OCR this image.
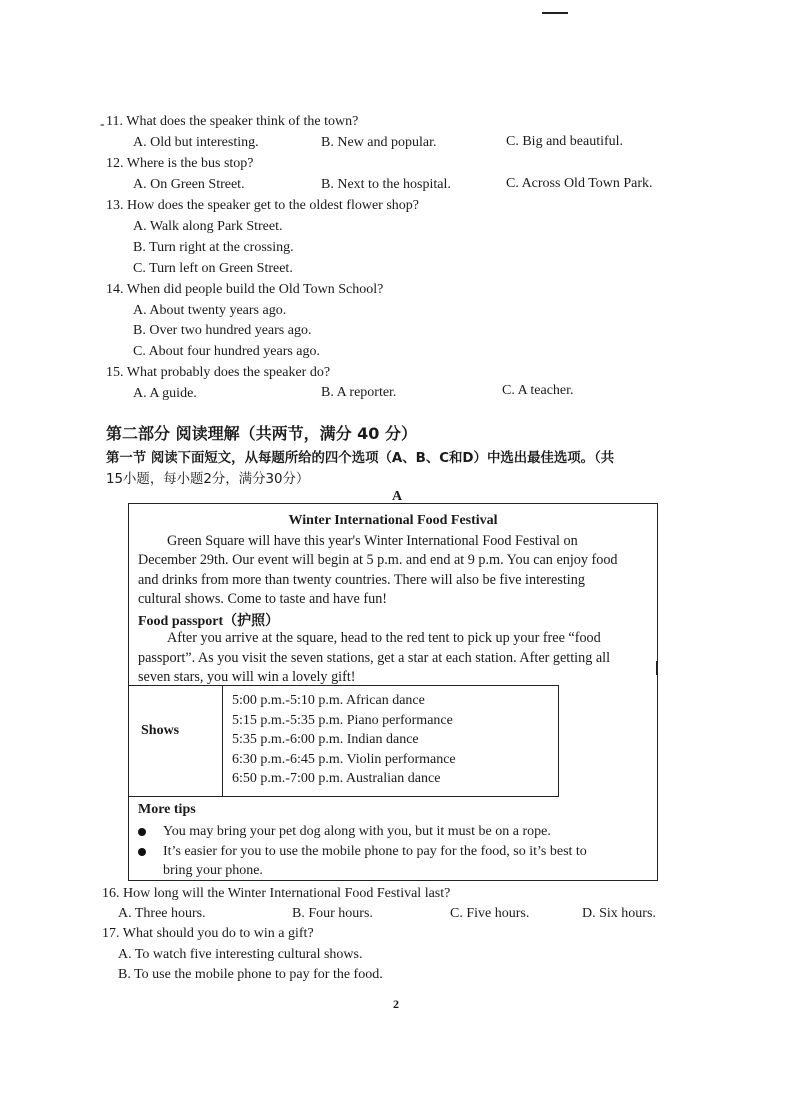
- 11. What does the speaker think of the town?
A. Old but interesting.	B. New and popular.	C. Big and beautiful.
12. Where is the bus stop?
A. On Green Street.	B. Next to the hospital.	C. Across Old Town Park.
13. How does the speaker get to the oldest flower shop?
A. Walk along Park Street.
B. Turn right at the crossing.
C. Turn left on Green Street.
14. When did people build the Old Town School?
A. About twenty years ago.
B. Over two hundred years ago.
C. About four hundred years ago.
15. What probably does the speaker do?
A. A guide.	B. A reporter.	C. A teacher.
第二部分 阅读理解（共两节，满分 40 分）
第一节 阅读下面短文，从每题所给的四个选项（A、B、C和D）中选出最佳选项。（共
15小题，每小题2分，满分30分）
A
Winter International Food Festival
Green Square will have this year's Winter International Food Festival on
December 29th. Our event will begin at 5 p.m. and end at 9 p.m. You can enjoy food
and drinks from more than twenty countries. There will also be five interesting
cultural shows. Come to taste and have fun!
Food passport（护照）
After you arrive at the square, head to the red tent to pick up your free “food
passport”. As you visit the seven stations, get a star at each station. After getting all
seven stars, you will win a lovely gift!
Shows
5:00 p.m.-5:10 p.m. African dance
5:15 p.m.-5:35 p.m. Piano performance
5:35 p.m.-6:00 p.m. Indian dance
6:30 p.m.-6:45 p.m. Violin performance
6:50 p.m.-7:00 p.m. Australian dance
More tips
You may bring your pet dog along with you, but it must be on a rope.
It’s easier for you to use the mobile phone to pay for the food, so it’s best to
bring your phone.
16. How long will the Winter International Food Festival last?
A. Three hours.	B. Four hours.	C. Five hours.	D. Six hours.
17. What should you do to win a gift?
A. To watch five interesting cultural shows.
B. To use the mobile phone to pay for the food.
2
